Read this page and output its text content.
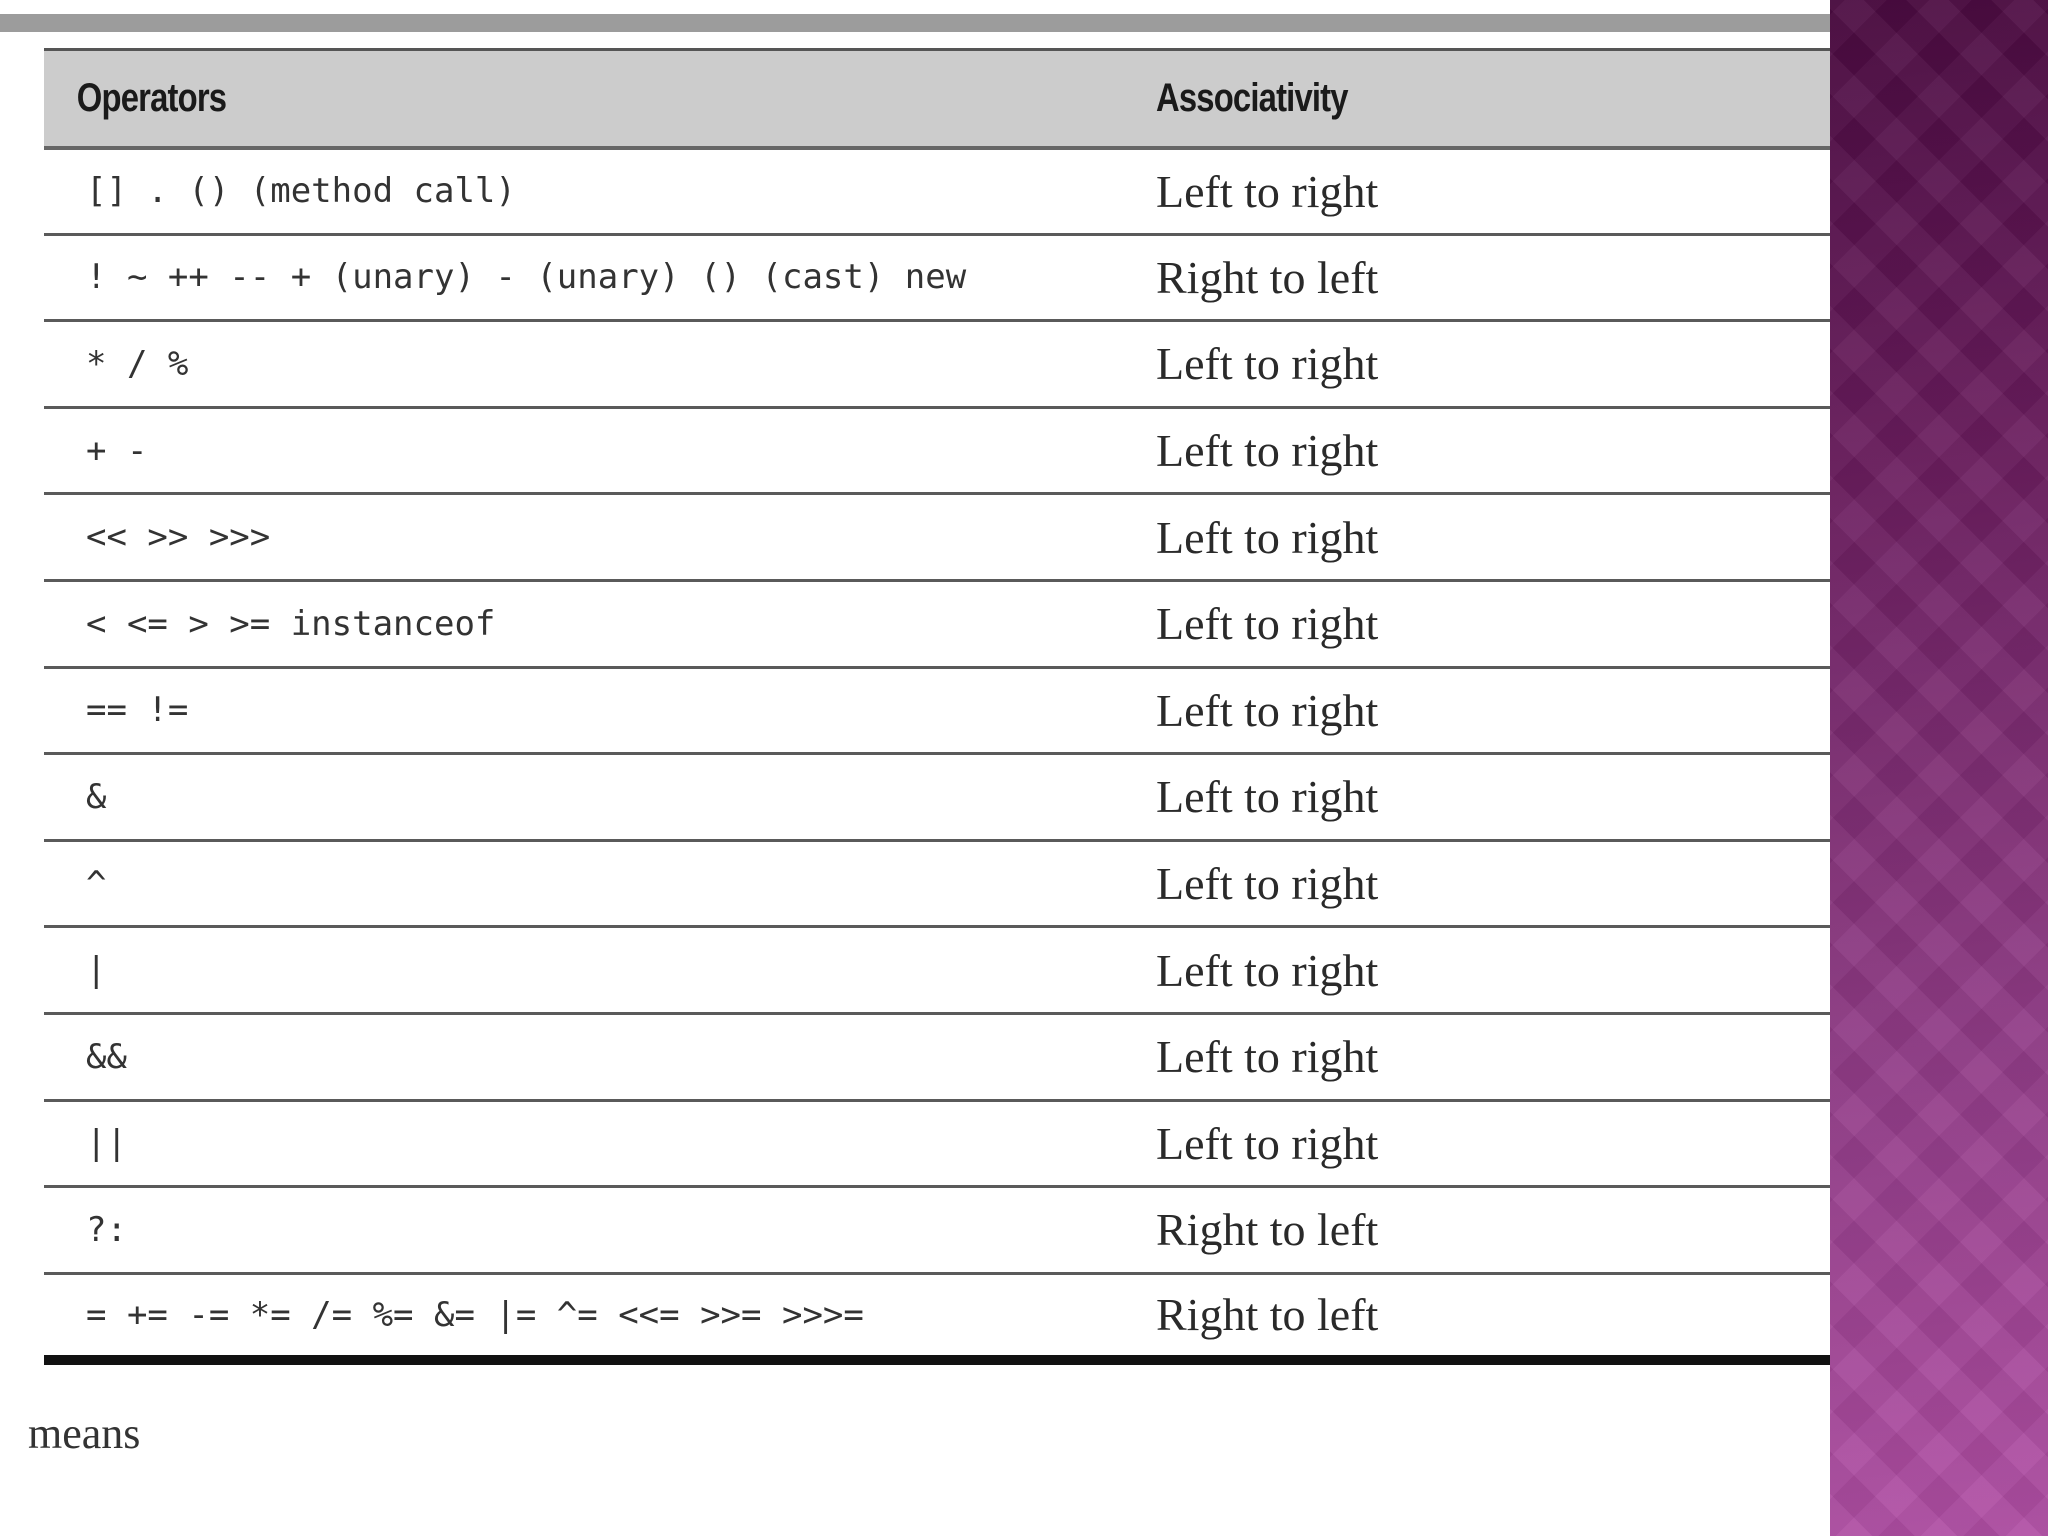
Operators	Associativity
[] . () (method call)	Left to right
! ~ ++ -- + (unary) - (unary) () (cast) new	Right to left
* / %	Left to right
+ -	Left to right
<< >> >>>	Left to right
< <= > >= instanceof	Left to right
== !=	Left to right
&	Left to right
^	Left to right
|	Left to right
&&	Left to right
||	Left to right
?:	Right to left
= += -= *= /= %= &= |= ^= <<= >>= >>>=	Right to left
means
